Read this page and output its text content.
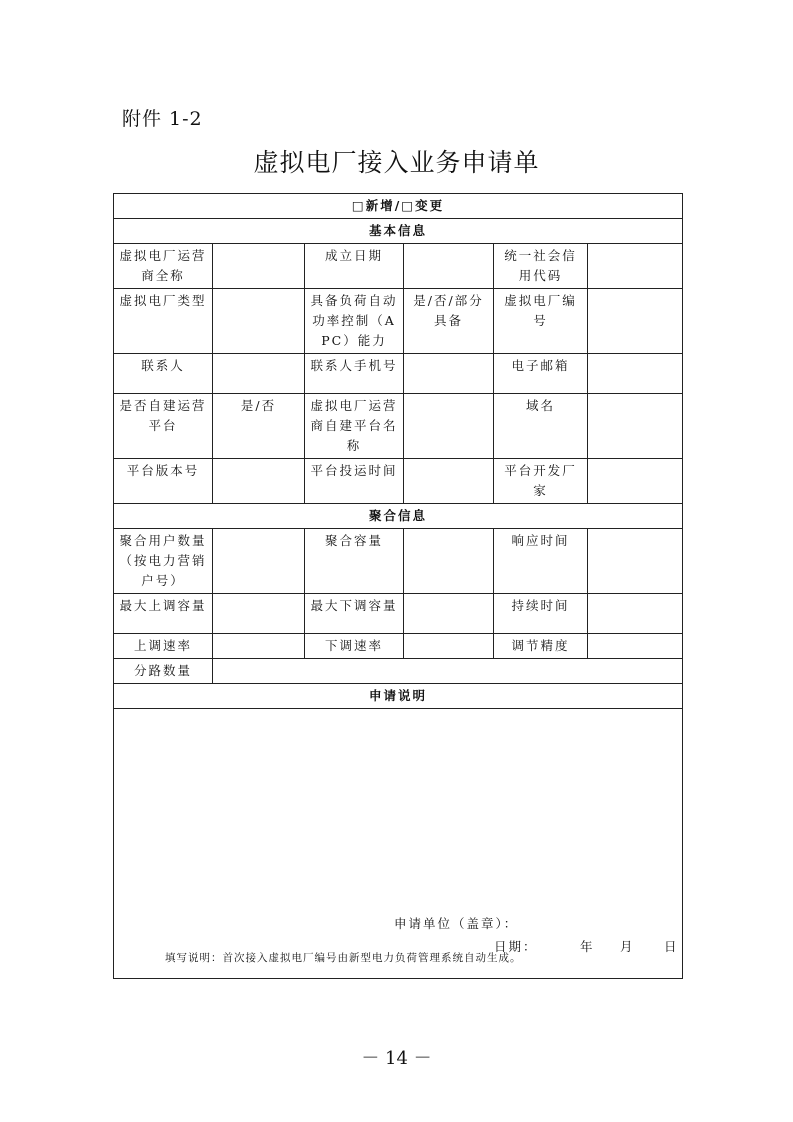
附件 1-2
虚拟电厂接入业务申请单
□新增/□变更					
基本信息					
虚拟电厂运营商全称		成立日期		统一社会信用代码	
虚拟电厂类型		具备负荷自动功率控制（APC）能力	是/否/部分具备	虚拟电厂编号	
联系人		联系人手机号		电子邮箱	
是否自建运营平台	是/否	虚拟电厂运营商自建平台名称		域名	
平台版本号		平台投运时间		平台开发厂家	
聚合信息					
聚合用户数量（按电力营销户号）		聚合容量		响应时间	
最大上调容量		最大下调容量		持续时间	
上调速率		下调速率		调节精度	
分路数量					
申请说明					

申请单位（盖章）：
日期： 年 月 日					
填写说明：首次接入虚拟电厂编号由新型电力负荷管理系统自动生成。
－ 14 －
